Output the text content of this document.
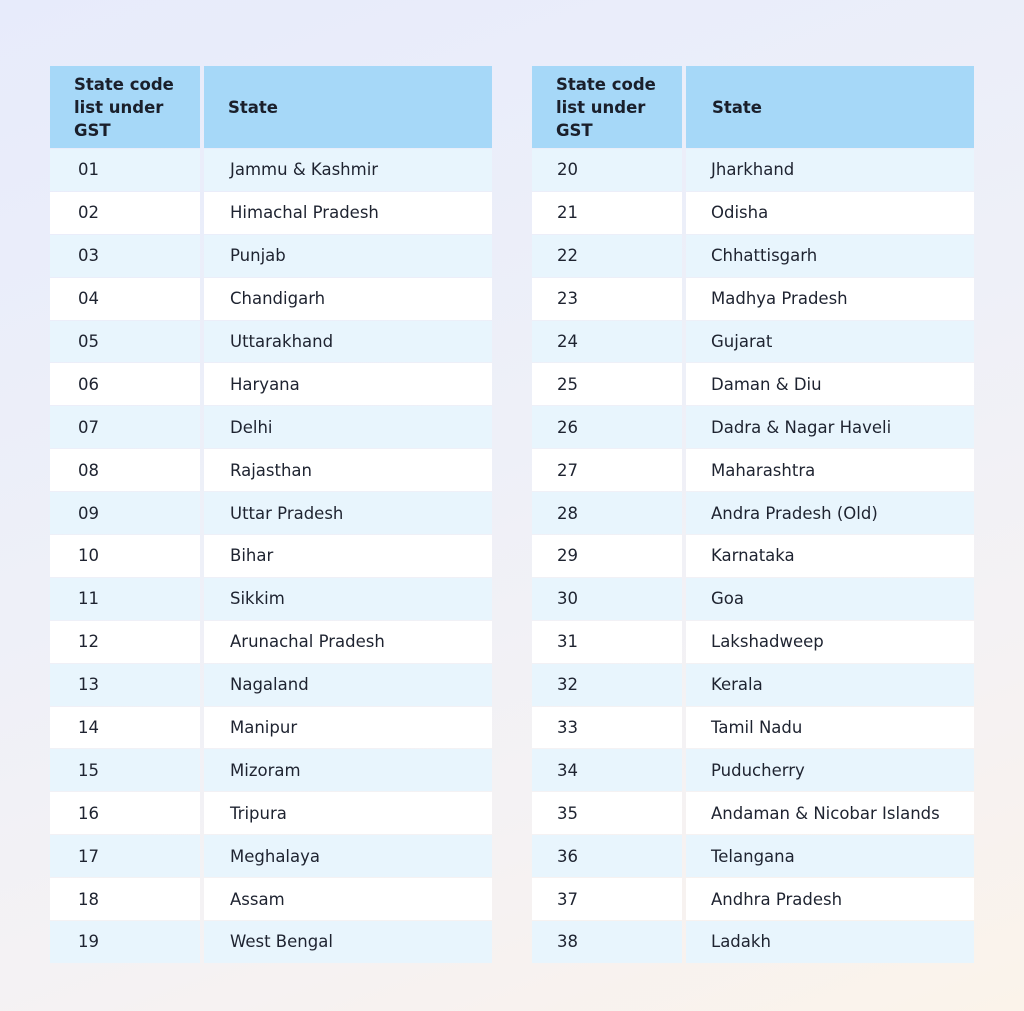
State code list under GST
State
01	Jammu & Kashmir
02	Himachal Pradesh
03	Punjab
04	Chandigarh
05	Uttarakhand
06	Haryana
07	Delhi
08	Rajasthan
09	Uttar Pradesh
10	Bihar
11	Sikkim
12	Arunachal Pradesh
13	Nagaland
14	Manipur
15	Mizoram
16	Tripura
17	Meghalaya
18	Assam
19	West Bengal
State code list under GST
State
20	Jharkhand
21	Odisha
22	Chhattisgarh
23	Madhya Pradesh
24	Gujarat
25	Daman & Diu
26	Dadra & Nagar Haveli
27	Maharashtra
28	Andra Pradesh (Old)
29	Karnataka
30	Goa
31	Lakshadweep
32	Kerala
33	Tamil Nadu
34	Puducherry
35	Andaman & Nicobar Islands
36	Telangana
37	Andhra Pradesh
38	Ladakh
